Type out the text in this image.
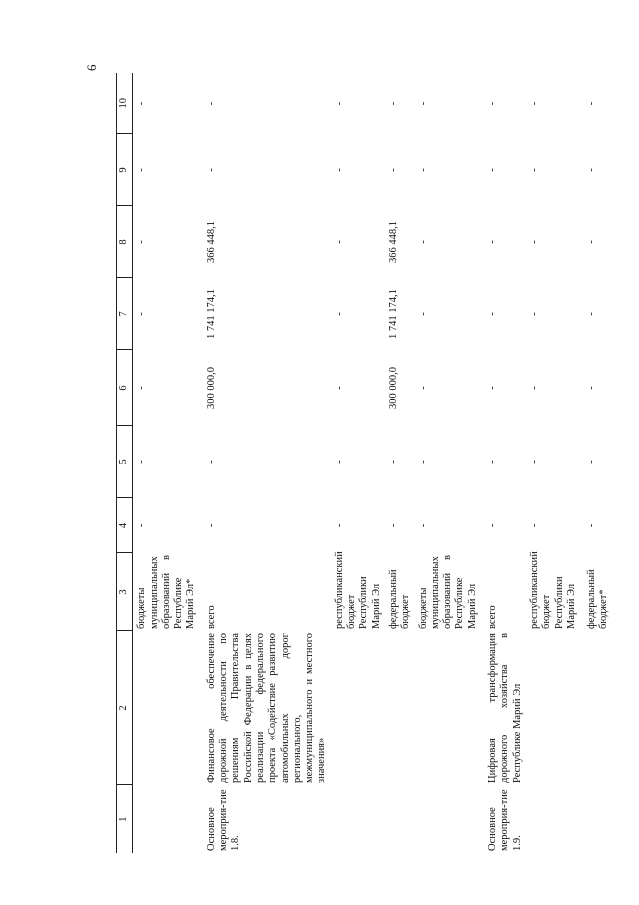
6
1	2	3	4	5	6	7	8	9	10
		бюджеты муниципальных образований в Республике Марий Эл*	-	-	-	-	-	-	-
Основное мероприя-тие 1.8.	Финансовое обеспечение дорожной деятельности по решениям Правительства Российской Федерации в целях реализации федерального проекта «Содействие развитию автомобильных дорог регионального, межмуниципального и местного значения»	всего	-	-	300 000,0	1 741 174,1	366 448,1	-	-
		республиканский бюджет Республики Марий Эл	-	-	-	-	-	-	-
		федеральный бюджет	-	-	300 000,0	1 741 174,1	366 448,1	-	-
		бюджеты муниципальных образований в Республике Марий Эл	-	-	-	-	-	-	-
Основное мероприя-тие 1.9.	Цифровая трансформация дорожного хозяйства в Республике Марий Эл	всего	-	-	-	-	-	-	-
		республиканский бюджет Республики Марий Эл	-	-	-	-	-	-	-
		федеральный бюджет*	-	-	-	-	-	-	-
